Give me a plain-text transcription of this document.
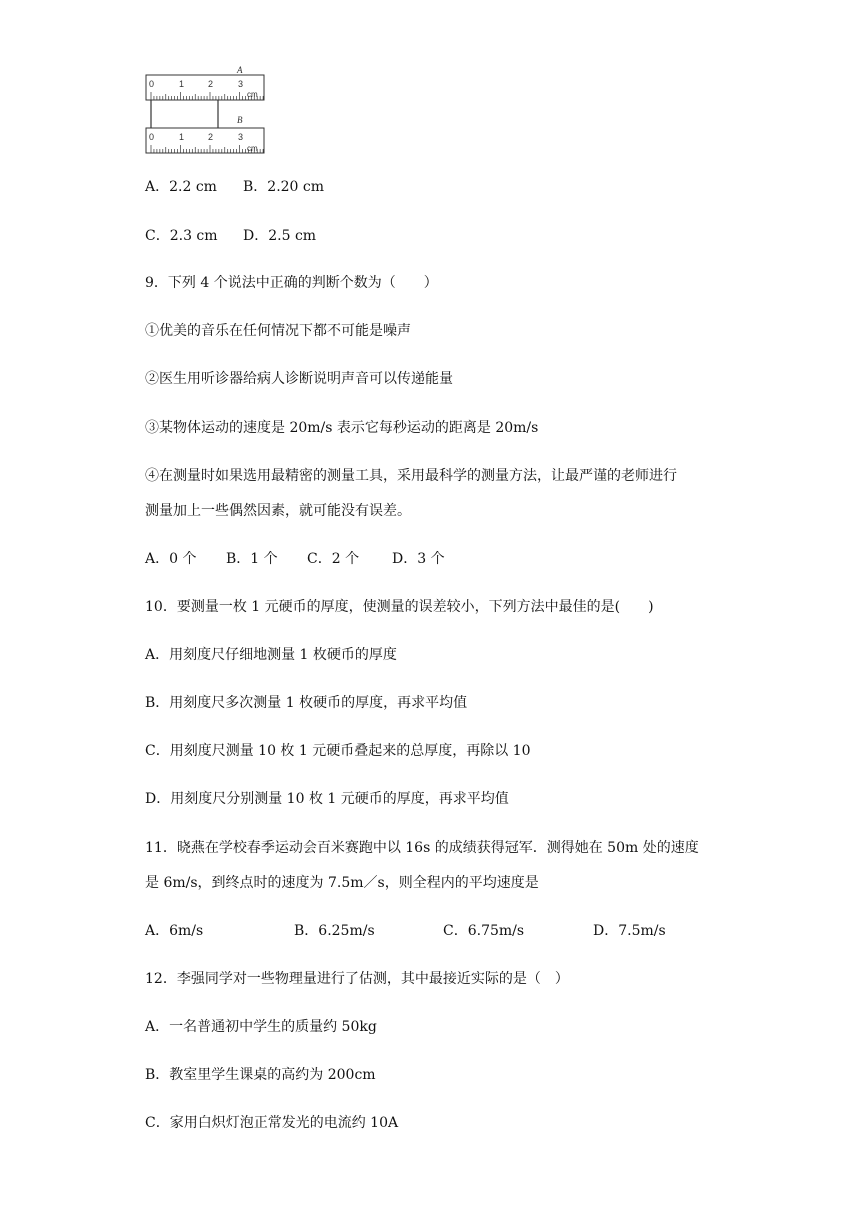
A
0	1	2	3
cm
B
0	1	2	3
cm
A．2.2 cm B．2.20 cm
C．2.3 cm D．2.5 cm
9．下列 4 个说法中正确的判断个数为（　　）
①优美的音乐在任何情况下都不可能是噪声
②医生用听诊器给病人诊断说明声音可以传递能量
③某物体运动的速度是 20m/s 表示它每秒运动的距离是 20m/s
④在测量时如果选用最精密的测量工具，采用最科学的测量方法，让最严谨的老师进行
测量加上一些偶然因素，就可能没有误差。
A．0 个 B．1 个 C．2 个 D．3 个
10．要测量一枚 1 元硬币的厚度，使测量的误差较小，下列方法中最佳的是(　　)
A．用刻度尺仔细地测量 1 枚硬币的厚度
B．用刻度尺多次测量 1 枚硬币的厚度，再求平均值
C．用刻度尺测量 10 枚 1 元硬币叠起来的总厚度，再除以 10
D．用刻度尺分别测量 10 枚 1 元硬币的厚度，再求平均值
11．晓燕在学校春季运动会百米赛跑中以 16s 的成绩获得冠军．测得她在 50m 处的速度
是 6m/s，到终点时的速度为 7.5m／s，则全程内的平均速度是
A．6m/s	B．6.25m/s	C．6.75m/s	D．7.5m/s
12．李强同学对一些物理量进行了估测，其中最接近实际的是（　）
A．一名普通初中学生的质量约 50kg
B．教室里学生课桌的高约为 200cm
C．家用白炽灯泡正常发光的电流约 10A
